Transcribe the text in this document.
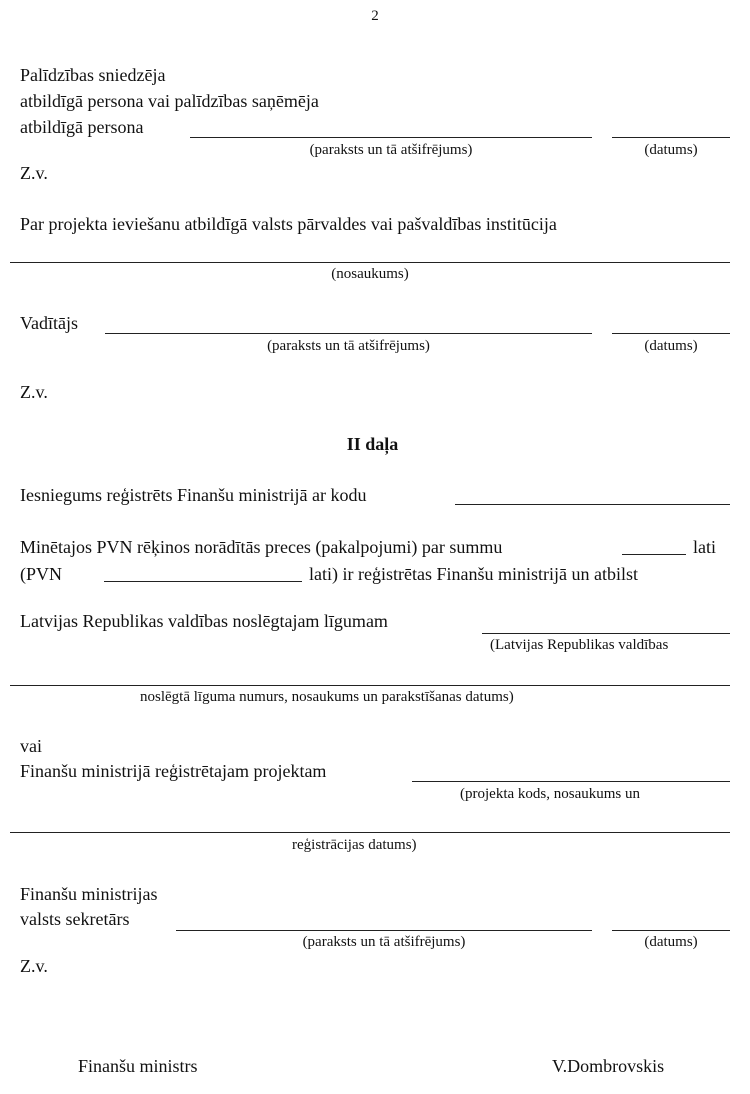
2
Palīdzības sniedzēja
atbildīgā persona vai palīdzības saņēmēja
atbildīgā persona
(paraksts un tā atšifrējums)	(datums)
Z.v.
Par projekta ieviešanu atbildīgā valsts pārvaldes vai pašvaldības institūcija
(nosaukums)
Vadītājs
(paraksts un tā atšifrējums)	(datums)
Z.v.
II daļa
Iesniegums reģistrēts Finanšu ministrijā ar kodu
Minētajos PVN rēķinos norādītās preces (pakalpojumi) par summu	lati
(PVN	lati) ir reģistrētas Finanšu ministrijā un atbilst
Latvijas Republikas valdības noslēgtajam līgumam
(Latvijas Republikas valdības
noslēgtā līguma numurs, nosaukums un parakstīšanas datums)
vai
Finanšu ministrijā reģistrētajam projektam
(projekta kods, nosaukums un
reģistrācijas datums)
Finanšu ministrijas
valsts sekretārs
(paraksts un tā atšifrējums)	(datums)
Z.v.
Finanšu ministrs	V.Dombrovskis
